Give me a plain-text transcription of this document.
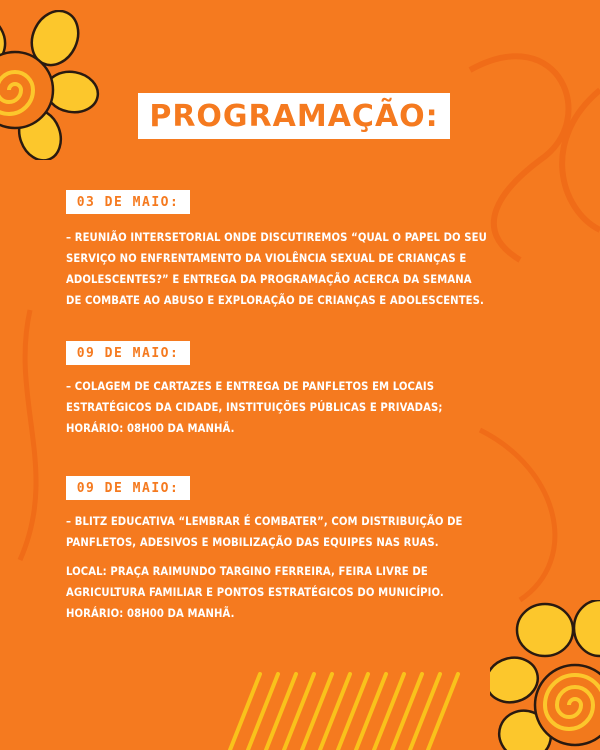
PROGRAMAÇÃO:
03 DE MAIO:

– REUNIÃO INTERSETORIAL ONDE DISCUTIREMOS “QUAL O PAPEL DO SEU

SERVIÇO NO ENFRENTAMENTO DA VIOLÊNCIA SEXUAL DE CRIANÇAS E

ADOLESCENTES?” E ENTREGA DA PROGRAMAÇÃO ACERCA DA SEMANA

DE COMBATE AO ABUSO E EXPLORAÇÃO DE CRIANÇAS E ADOLESCENTES.

09 DE MAIO:

– COLAGEM DE CARTAZES E ENTREGA DE PANFLETOS EM LOCAIS

ESTRATÉGICOS DA CIDADE, INSTITUIÇÕES PÚBLICAS E PRIVADAS;

HORÁRIO: 08H00 DA MANHÃ.

09 DE MAIO:

– BLITZ EDUCATIVA “LEMBRAR É COMBATER”, COM DISTRIBUIÇÃO DE

PANFLETOS, ADESIVOS E MOBILIZAÇÃO DAS EQUIPES NAS RUAS.

LOCAL: PRAÇA RAIMUNDO TARGINO FERREIRA, FEIRA LIVRE DE

AGRICULTURA FAMILIAR E PONTOS ESTRATÉGICOS DO MUNICÍPIO.

HORÁRIO: 08H00 DA MANHÃ.
